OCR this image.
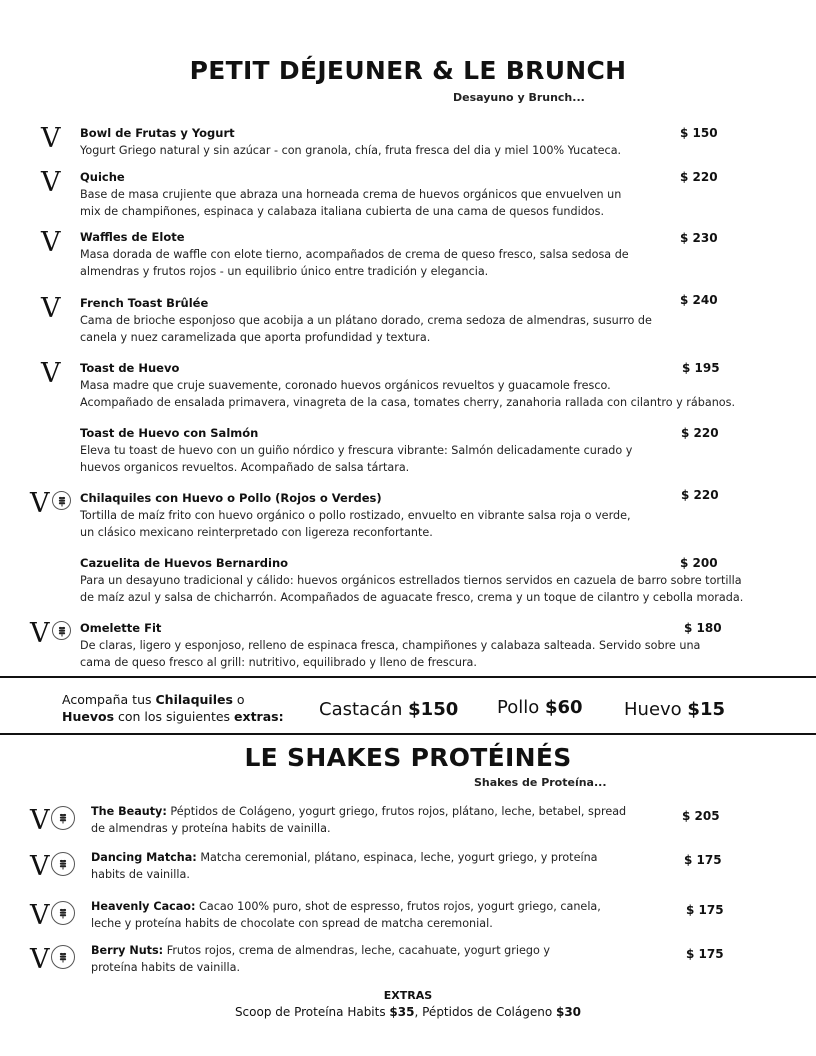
PETIT DÉJEUNER & LE BRUNCH
Desayuno y Brunch...
V Bowl de Frutas y Yogurt
Yogurt Griego natural y sin azúcar - con granola, chía, fruta fresca del dia y miel 100% Yucateca.
$ 150
V Quiche
Base de masa crujiente que abraza una horneada crema de huevos orgánicos que envuelven un
mix de champiñones, espinaca y calabaza italiana cubierta de una cama de quesos fundidos.
$ 220
V Waffles de Elote
Masa dorada de waffle con elote tierno, acompañados de crema de queso fresco, salsa sedosa de
almendras y frutos rojos - un equilibrio único entre tradición y elegancia.
$ 230
V French Toast Brûlée
Cama de brioche esponjoso que acobija a un plátano dorado, crema sedoza de almendras, susurro de
canela y nuez caramelizada que aporta profundidad y textura.
$ 240
V Toast de Huevo
Masa madre que cruje suavemente, coronado huevos orgánicos revueltos y guacamole fresco.
Acompañado de ensalada primavera, vinagreta de la casa, tomates cherry, zanahoria rallada con cilantro y rábanos.
$ 195
Toast de Huevo con Salmón
Eleva tu toast de huevo con un guiño nórdico y frescura vibrante: Salmón delicadamente curado y
huevos organicos revueltos. Acompañado de salsa tártara.
$ 220
V	Chilaquiles con Huevo o Pollo (Rojos o Verdes)
Tortilla de maíz frito con huevo orgánico o pollo rostizado, envuelto en vibrante salsa roja o verde,
un clásico mexicano reinterpretado con ligereza reconfortante.
$ 220
Cazuelita de Huevos Bernardino
Para un desayuno tradicional y cálido: huevos orgánicos estrellados tiernos servidos en cazuela de barro sobre tortilla
de maíz azul y salsa de chicharrón. Acompañados de aguacate fresco, crema y un toque de cilantro y cebolla morada.
$ 200
V	Omelette Fit
De claras, ligero y esponjoso, relleno de espinaca fresca, champiñones y calabaza salteada. Servido sobre una
cama de queso fresco al grill: nutritivo, equilibrado y lleno de frescura.
$ 180
Acompaña tus Chilaquiles o
Huevos con los siguientes extras:	Castacán $150 Pollo $60 Huevo $15
LE SHAKES PROTÉINÉS
Shakes de Proteína...
V	The Beauty: Péptidos de Colágeno, yogurt griego, frutos rojos, plátano, leche, betabel, spread
de almendras y proteína habits de vainilla.
$ 205
V	Dancing Matcha: Matcha ceremonial, plátano, espinaca, leche, yogurt griego, y proteína
habits de vainilla.
$ 175
V	Heavenly Cacao: Cacao 100% puro, shot de espresso, frutos rojos, yogurt griego, canela,
leche y proteína habits de chocolate con spread de matcha ceremonial.
$ 175
V	Berry Nuts: Frutos rojos, crema de almendras, leche, cacahuate, yogurt griego y
proteína habits de vainilla.
$ 175
EXTRAS
Scoop de Proteína Habits $35, Péptidos de Colágeno $30
